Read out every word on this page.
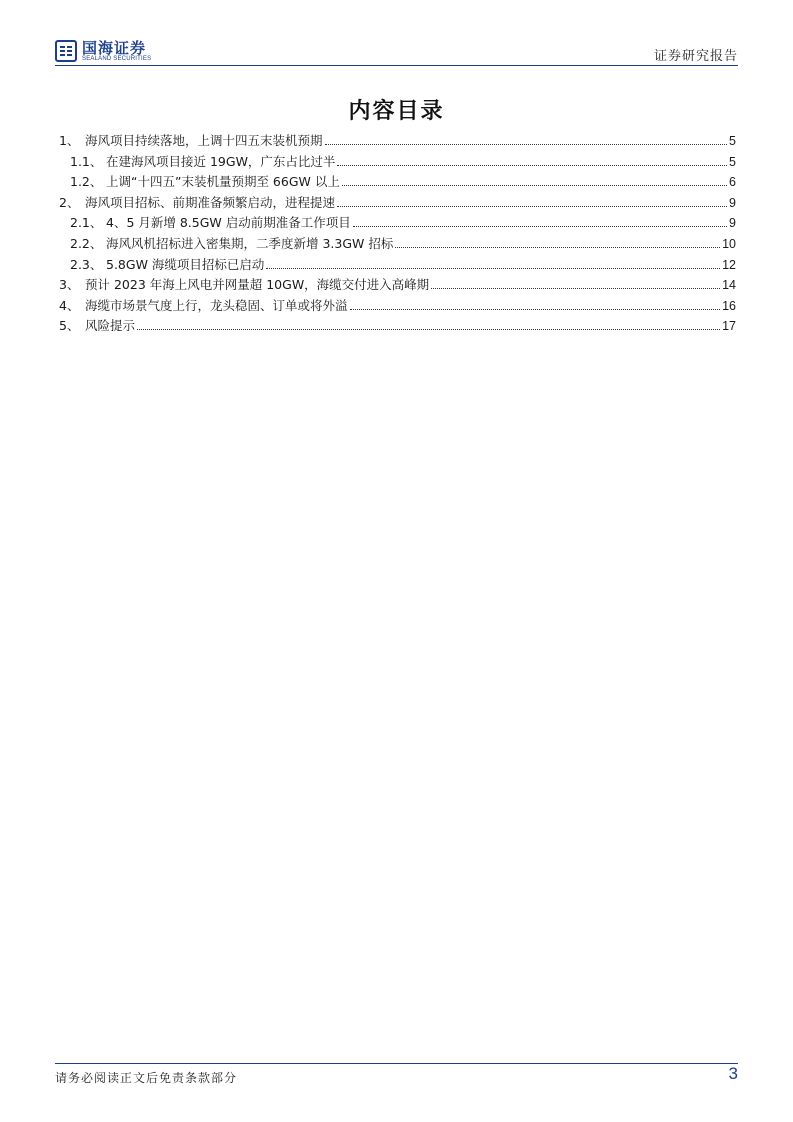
国海证券
SEALAND SECURITIES	证券研究报告
内容目录
1、 海风项目持续落地，上调十四五末装机预期	5
1.1、 在建海风项目接近 19GW，广东占比过半	5
1.2、 上调“十四五”末装机量预期至 66GW 以上	6
2、 海风项目招标、前期准备频繁启动，进程提速	9
2.1、 4、5 月新增 8.5GW 启动前期准备工作项目	9
2.2、 海风风机招标进入密集期，二季度新增 3.3GW 招标	10
2.3、 5.8GW 海缆项目招标已启动	12
3、 预计 2023 年海上风电并网量超 10GW，海缆交付进入高峰期	14
4、 海缆市场景气度上行，龙头稳固、订单或将外溢	16
5、 风险提示	17
请务必阅读正文后免责条款部分	3
